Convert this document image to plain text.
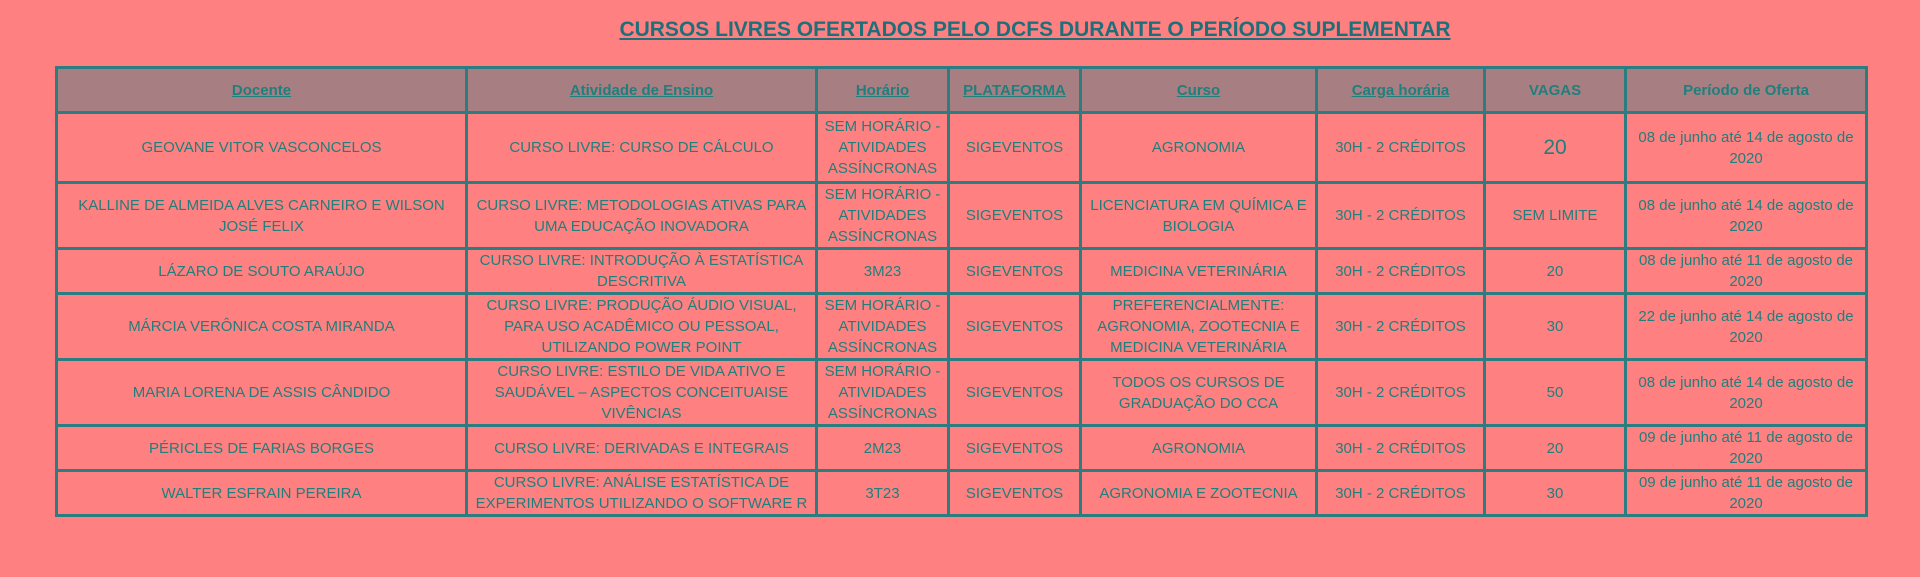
CURSOS LIVRES OFERTADOS PELO DCFS DURANTE O PERÍODO SUPLEMENTAR
Docente	Atividade de Ensino	Horário	PLATAFORMA	Curso	Carga horária	VAGAS	Período de Oferta
GEOVANE VITOR VASCONCELOS	CURSO LIVRE: CURSO DE CÁLCULO	SEM HORÁRIO - ATIVIDADES ASSÍNCRONAS	SIGEVENTOS	AGRONOMIA	30H - 2 CRÉDITOS	20	08 de junho até 14 de agosto de 2020
KALLINE DE ALMEIDA ALVES CARNEIRO E WILSON JOSÉ FELIX	CURSO LIVRE: METODOLOGIAS ATIVAS PARA UMA EDUCAÇÃO INOVADORA	SEM HORÁRIO - ATIVIDADES ASSÍNCRONAS	SIGEVENTOS	LICENCIATURA EM QUÍMICA E BIOLOGIA	30H - 2 CRÉDITOS	SEM LIMITE	08 de junho até 14 de agosto de 2020
LÁZARO DE SOUTO ARAÚJO	CURSO LIVRE: INTRODUÇÃO À ESTATÍSTICA DESCRITIVA	3M23	SIGEVENTOS	MEDICINA VETERINÁRIA	30H - 2 CRÉDITOS	20	08 de junho até 11 de agosto de 2020
MÁRCIA VERÔNICA COSTA MIRANDA	CURSO LIVRE: PRODUÇÃO ÁUDIO VISUAL, PARA USO ACADÊMICO OU PESSOAL, UTILIZANDO POWER POINT	SEM HORÁRIO - ATIVIDADES ASSÍNCRONAS	SIGEVENTOS	PREFERENCIALMENTE: AGRONOMIA, ZOOTECNIA E MEDICINA VETERINÁRIA	30H - 2 CRÉDITOS	30	22 de junho até 14 de agosto de 2020
MARIA LORENA DE ASSIS CÂNDIDO	CURSO LIVRE: ESTILO DE VIDA ATIVO E SAUDÁVEL – ASPECTOS CONCEITUAISE VIVÊNCIAS	SEM HORÁRIO - ATIVIDADES ASSÍNCRONAS	SIGEVENTOS	TODOS OS CURSOS DE GRADUAÇÃO DO CCA	30H - 2 CRÉDITOS	50	08 de junho até 14 de agosto de 2020
PÉRICLES DE FARIAS BORGES	CURSO LIVRE: DERIVADAS E INTEGRAIS	2M23	SIGEVENTOS	AGRONOMIA	30H - 2 CRÉDITOS	20	09 de junho até 11 de agosto de 2020
WALTER ESFRAIN PEREIRA	CURSO LIVRE: ANÁLISE ESTATÍSTICA DE EXPERIMENTOS UTILIZANDO O SOFTWARE R	3T23	SIGEVENTOS	AGRONOMIA E ZOOTECNIA	30H - 2 CRÉDITOS	30	09 de junho até 11 de agosto de 2020
